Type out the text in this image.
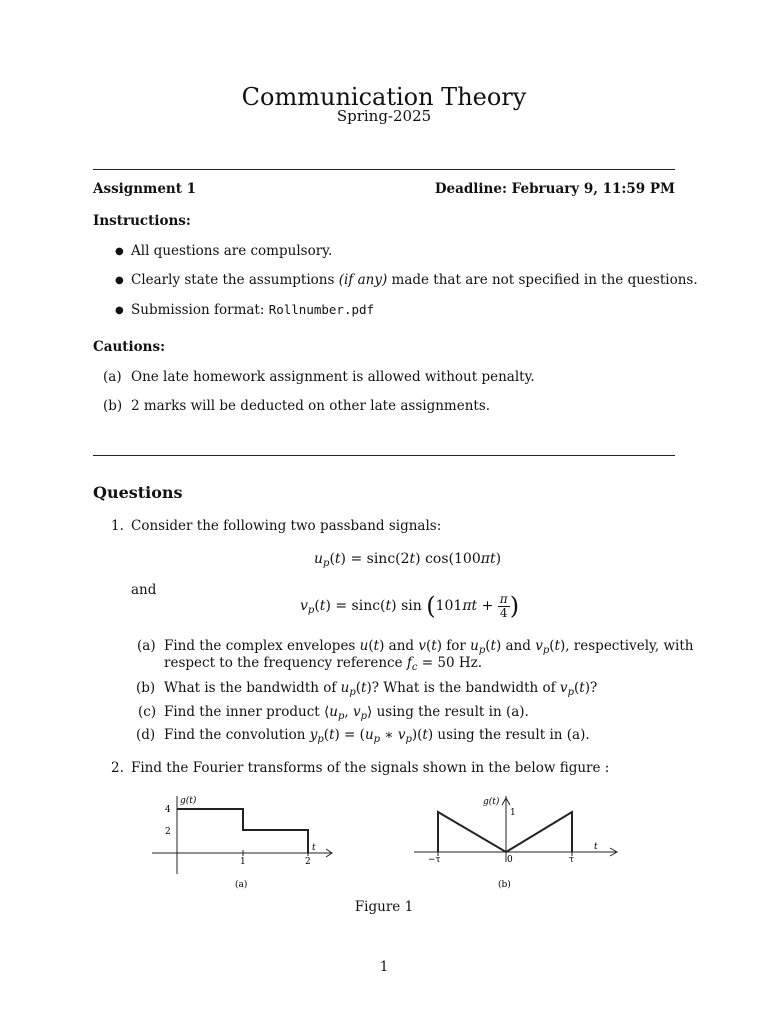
Communication Theory
Spring-2025
Assignment 1	Deadline: February 9, 11:59 PM
Instructions:
● All questions are compulsory.
● Clearly state the assumptions (if any) made that are not specified in the questions.
● Submission format: Rollnumber.pdf
Cautions:
(a) One late homework assignment is allowed without penalty.
(b) 2 marks will be deducted on other late assignments.
Questions
1. Consider the following two passband signals:
$u_p(t) = \sin c(2t)$ cos(100πt)
and
$v_p(t) = \sin c(t)$ $\sin (101\pi t + \frac{\pi}{4}$ )
(a) Find the complex envelopes u(t) and v(t) for $u_p(t)$ and $v_p(t)$, respectively, with
respect to the frequency reference $f_c = 50$ Hz.
(b) What is the bandwidth of $u_p(t)$? What is the bandwidth of $v_p(t)$?
(c) Find the inner product $⟨u_p$, $v_p⟩$ using the result in (a).
(d) Find the convolution $y_p(t) = (u_p$ ∗ $v_p)(t)$ using the result in (a).
2. Find the Fourier transforms of the signals shown in the below figure :
g(t)
4
2
1	2
t
(a)
g(t)
1
−τ	0	τ
t
(b)
Figure 1
1
